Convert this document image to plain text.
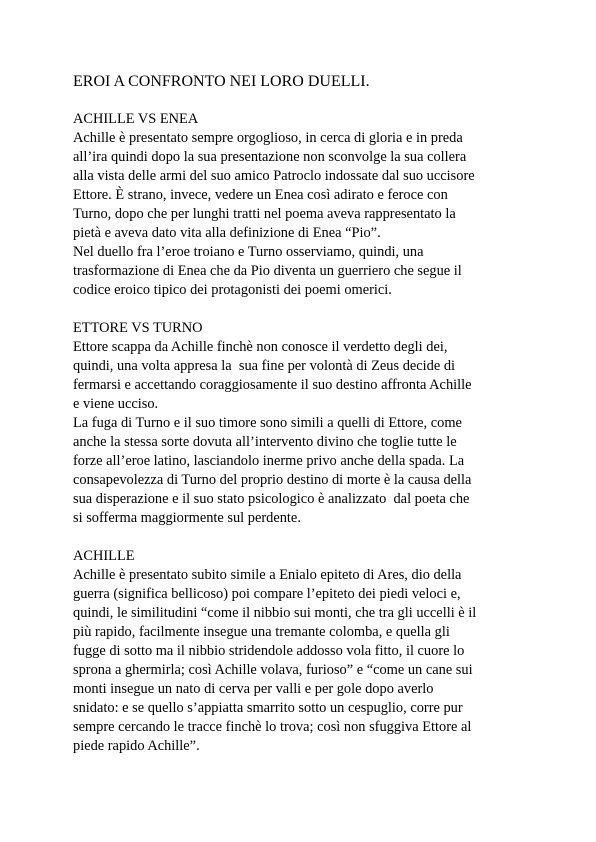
EROI A CONFRONTO NEI LORO DUELLI.
ACHILLE VS ENEA
Achille è presentato sempre orgoglioso, in cerca di gloria e in preda
all’ira quindi dopo la sua presentazione non sconvolge la sua collera
alla vista delle armi del suo amico Patroclo indossate dal suo uccisore
Ettore. È strano, invece, vedere un Enea così adirato e feroce con
Turno, dopo che per lunghi tratti nel poema aveva rappresentato la
pietà e aveva dato vita alla definizione di Enea “Pio”.
Nel duello fra l’eroe troiano e Turno osserviamo, quindi, una
trasformazione di Enea che da Pio diventa un guerriero che segue il
codice eroico tipico dei protagonisti dei poemi omerici.
ETTORE VS TURNO
Ettore scappa da Achille finchè non conosce il verdetto degli dei,
quindi, una volta appresa la  sua fine per volontà di Zeus decide di
fermarsi e accettando coraggiosamente il suo destino affronta Achille
e viene ucciso.
La fuga di Turno e il suo timore sono simili a quelli di Ettore, come
anche la stessa sorte dovuta all’intervento divino che toglie tutte le
forze all’eroe latino, lasciandolo inerme privo anche della spada. La
consapevolezza di Turno del proprio destino di morte è la causa della
sua disperazione e il suo stato psicologico è analizzato  dal poeta che
si sofferma maggiormente sul perdente.
ACHILLE
Achille è presentato subito simile a Enialo epiteto di Ares, dio della
guerra (significa bellicoso) poi compare l’epiteto dei piedi veloci e,
quindi, le similitudini “come il nibbio sui monti, che tra gli uccelli è il
più rapido, facilmente insegue una tremante colomba, e quella gli
fugge di sotto ma il nibbio stridendole addosso vola fitto, il cuore lo
sprona a ghermirla; così Achille volava, furioso” e “come un cane sui
monti insegue un nato di cerva per valli e per gole dopo averlo
snidato: e se quello s’appiatta smarrito sotto un cespuglio, corre pur
sempre cercando le tracce finchè lo trova; così non sfuggiva Ettore al
piede rapido Achille”.
